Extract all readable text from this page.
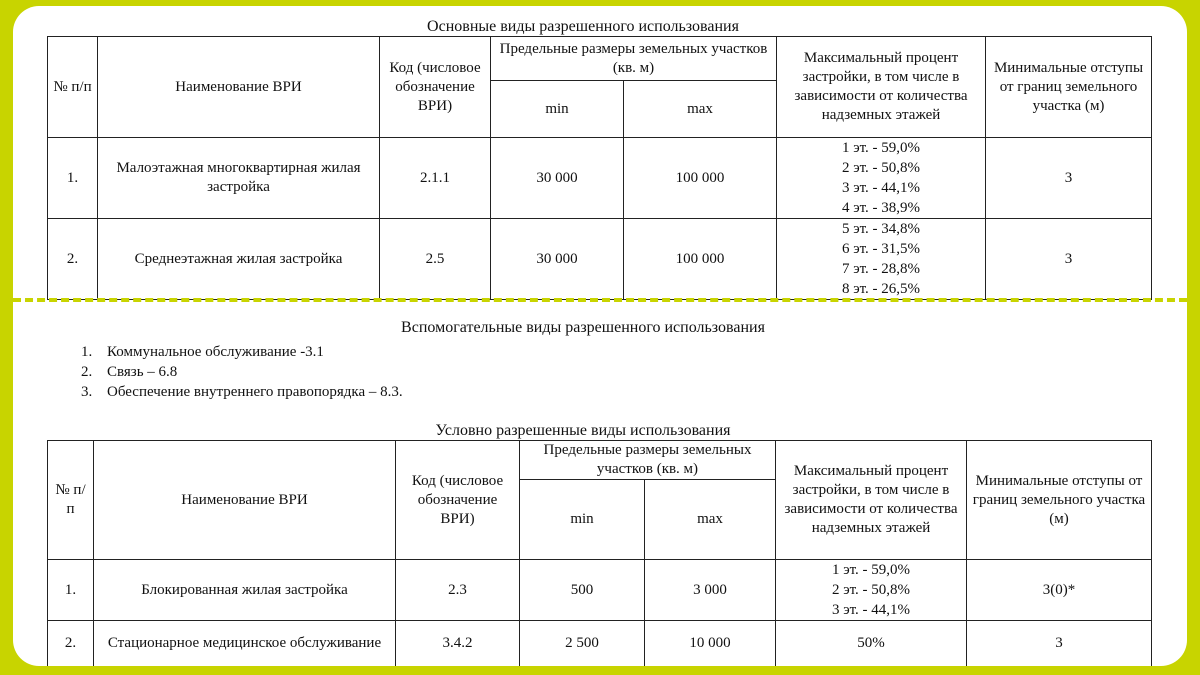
Основные виды разрешенного использования
№ п/п	Наименование ВРИ	Код (числовое обозначение ВРИ)	Предельные размеры земельных участков (кв. м)		Максимальный процент застройки, в том числе в зависимости от количества надземных этажей	Минимальные отступы от границ земельного участка (м)
			min	max		
1.	Малоэтажная многоквартирная жилая застройка	2.1.1	30 000	100 000	1 эт. - 59,0%
2 эт. - 50,8%
3 эт. - 44,1%
4 эт. - 38,9%	3
2.	Среднеэтажная жилая застройка	2.5	30 000	100 000	5 эт. - 34,8%
6 эт. - 31,5%
7 эт. - 28,8%
8 эт. - 26,5%	3
Вспомогательные виды разрешенного использования
1. Коммунальное обслуживание -3.1
2. Связь – 6.8
3. Обеспечение внутреннего правопорядка – 8.3.
Условно разрешенные виды использования
№ п/п	Наименование ВРИ	Код (числовое обозначение ВРИ)	Предельные размеры земельных участков (кв. м)		Максимальный процент застройки, в том числе в зависимости от количества надземных этажей	Минимальные отступы от границ земельного участка (м)
			min	max		
1.	Блокированная жилая застройка	2.3	500	3 000	1 эт. - 59,0%
2 эт. - 50,8%
3 эт. - 44,1%	3(0)*
2.	Стационарное медицинское обслуживание	3.4.2	2 500	10 000	50%	3
